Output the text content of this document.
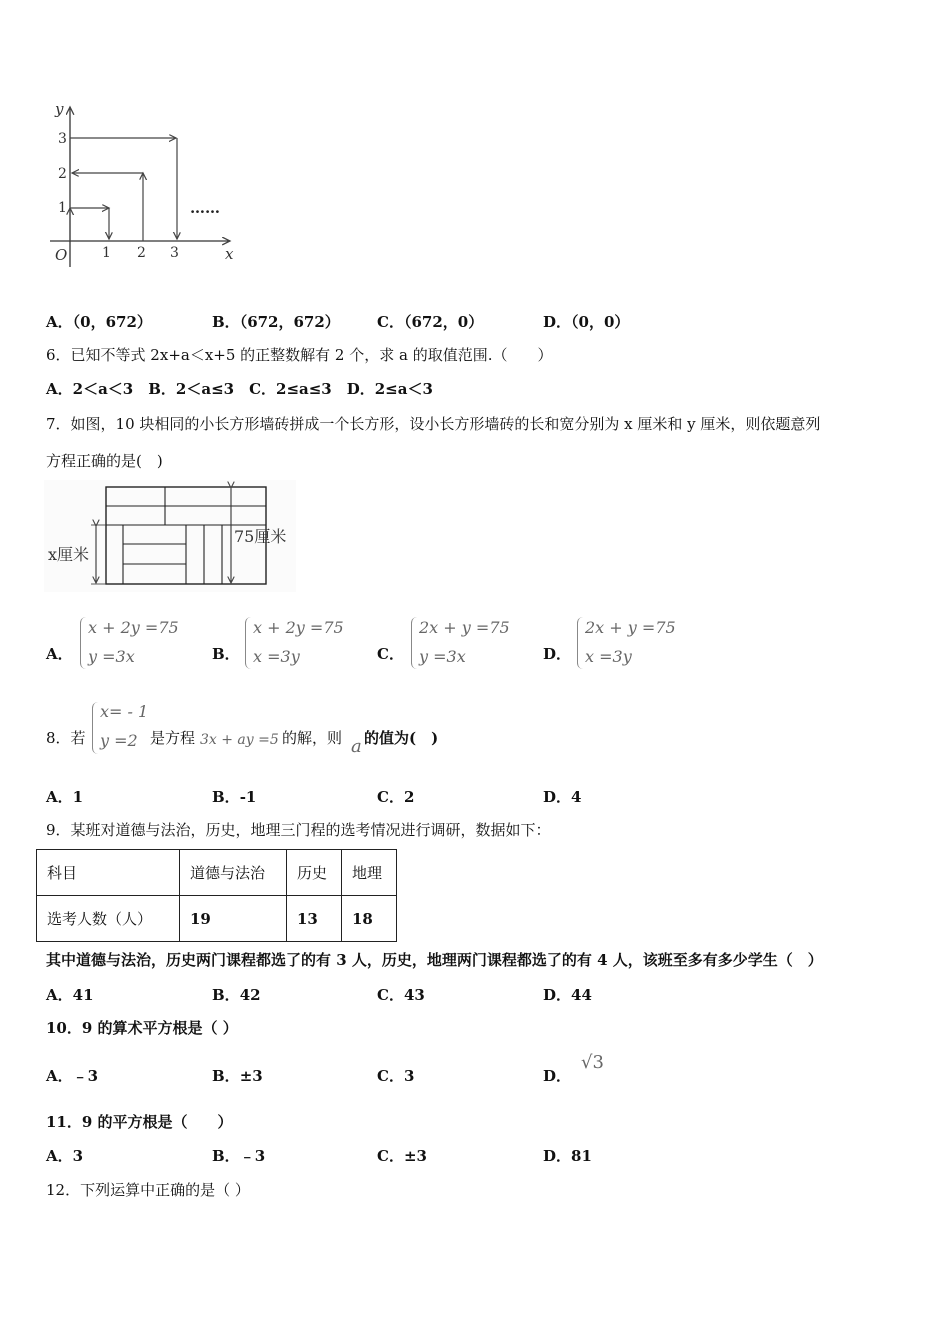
y
x
O 1 2 3
1
2
3
……
A．（0，672）	B．（672，672） C．（672，0）	D．（0，0）
6．已知不等式 2x+a＜x+5 的正整数解有 2 个，求 a 的取值范围.（　　）
A．2＜a＜3　B．2＜a≤3　C．2≤a≤3　D．2≤a＜3
7．如图，10 块相同的小长方形墙砖拼成一个长方形，设小长方形墙砖的长和宽分别为 x 厘米和 y 厘米，则依题意列
方程正确的是(　)
x厘米
75厘米
A．
x + 2y =75
y =3x	B．
x + 2y =75
x =3y	C．
2x + y =75
y =3x	D．
2x + y =75
x =3y
8．若
x= - 1
y =2 是方程 3x + ay =5 的解，则 a 的值为(　)
A．1	B．-1	C．2	D．4
9．某班对道德与法治，历史，地理三门程的选考情况进行调研，数据如下：
科目	道德与法治	历史	地理
选考人数（人）	19	13	18
其中道德与法治，历史两门课程都选了的有 3 人，历史，地理两门课程都选了的有 4 人，该班至多有多少学生（　）
A．41	B．42	C．43	D．44
10．9 的算术平方根是（ ）
A．﹣3	B．±3	C．3	D．√3
11．9 的平方根是（　　）
A．3	B．﹣3	C．±3	D．81
12．下列运算中正确的是（ ）
